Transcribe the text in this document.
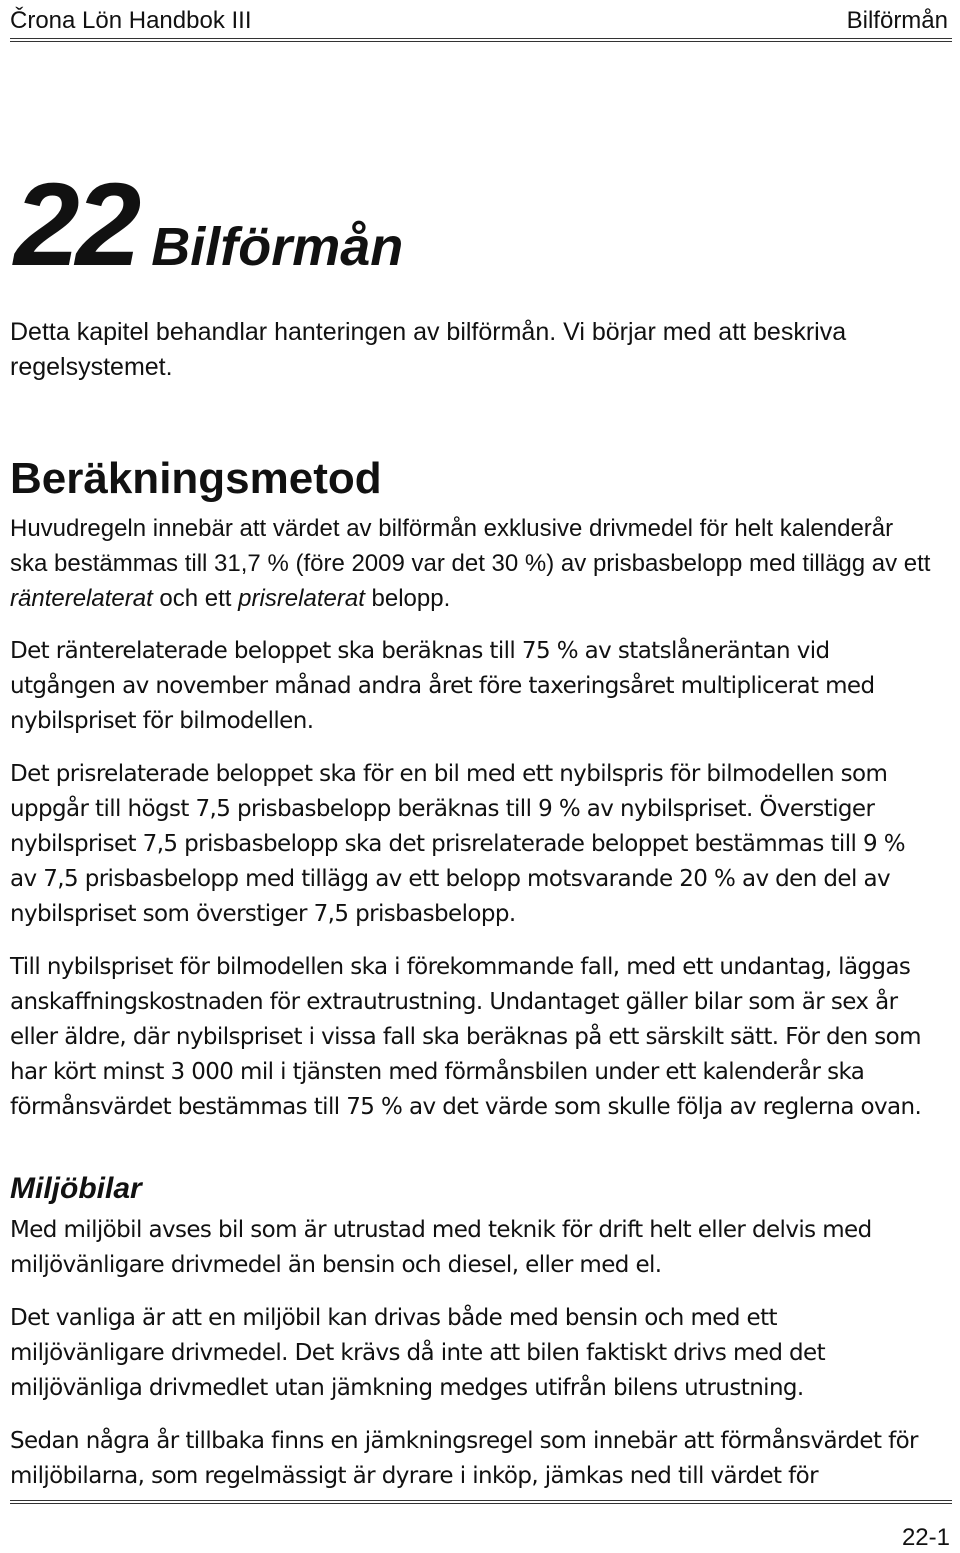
Črona Lön Handbok III	Bilförmån
22 Bilförmån

Detta kapitel behandlar hanteringen av bilförmån. Vi börjar med att beskriva regelsystemet.

Beräkningsmetod

Huvudregeln innebär att värdet av bilförmån exklusive drivmedel för helt kalenderår ska bestämmas till 31,7 % (före 2009 var det 30 %) av prisbasbelopp med tillägg av ett ränterelaterat och ett prisrelaterat belopp.

Det ränterelaterade beloppet ska beräknas till 75 % av statslåneräntan vid utgången av november månad andra året före taxeringsåret multiplicerat med nybilspriset för bilmodellen.

Det prisrelaterade beloppet ska för en bil med ett nybilspris för bilmodellen som uppgår till högst 7,5 prisbasbelopp beräknas till 9 % av nybilspriset. Överstiger nybilspriset 7,5 prisbasbelopp ska det prisrelaterade beloppet bestämmas till 9 % av 7,5 prisbasbelopp med tillägg av ett belopp motsvarande 20 % av den del av nybilspriset som överstiger 7,5 prisbasbelopp.

Till nybilspriset för bilmodellen ska i förekommande fall, med ett undantag, läggas anskaffningskostnaden för extrautrustning. Undantaget gäller bilar som är sex år eller äldre, där nybilspriset i vissa fall ska beräknas på ett särskilt sätt. För den som har kört minst 3 000 mil i tjänsten med förmånsbilen under ett kalenderår ska förmånsvärdet bestämmas till 75 % av det värde som skulle följa av reglerna ovan.

Miljöbilar

Med miljöbil avses bil som är utrustad med teknik för drift helt eller delvis med miljövänligare drivmedel än bensin och diesel, eller med el.

Det vanliga är att en miljöbil kan drivas både med bensin och med ett miljövänligare drivmedel. Det krävs då inte att bilen faktiskt drivs med det miljövänliga drivmedlet utan jämkning medges utifrån bilens utrustning.

Sedan några år tillbaka finns en jämkningsregel som innebär att förmånsvärdet för miljöbilarna, som regelmässigt är dyrare i inköp, jämkas ned till värdet för

22-1
